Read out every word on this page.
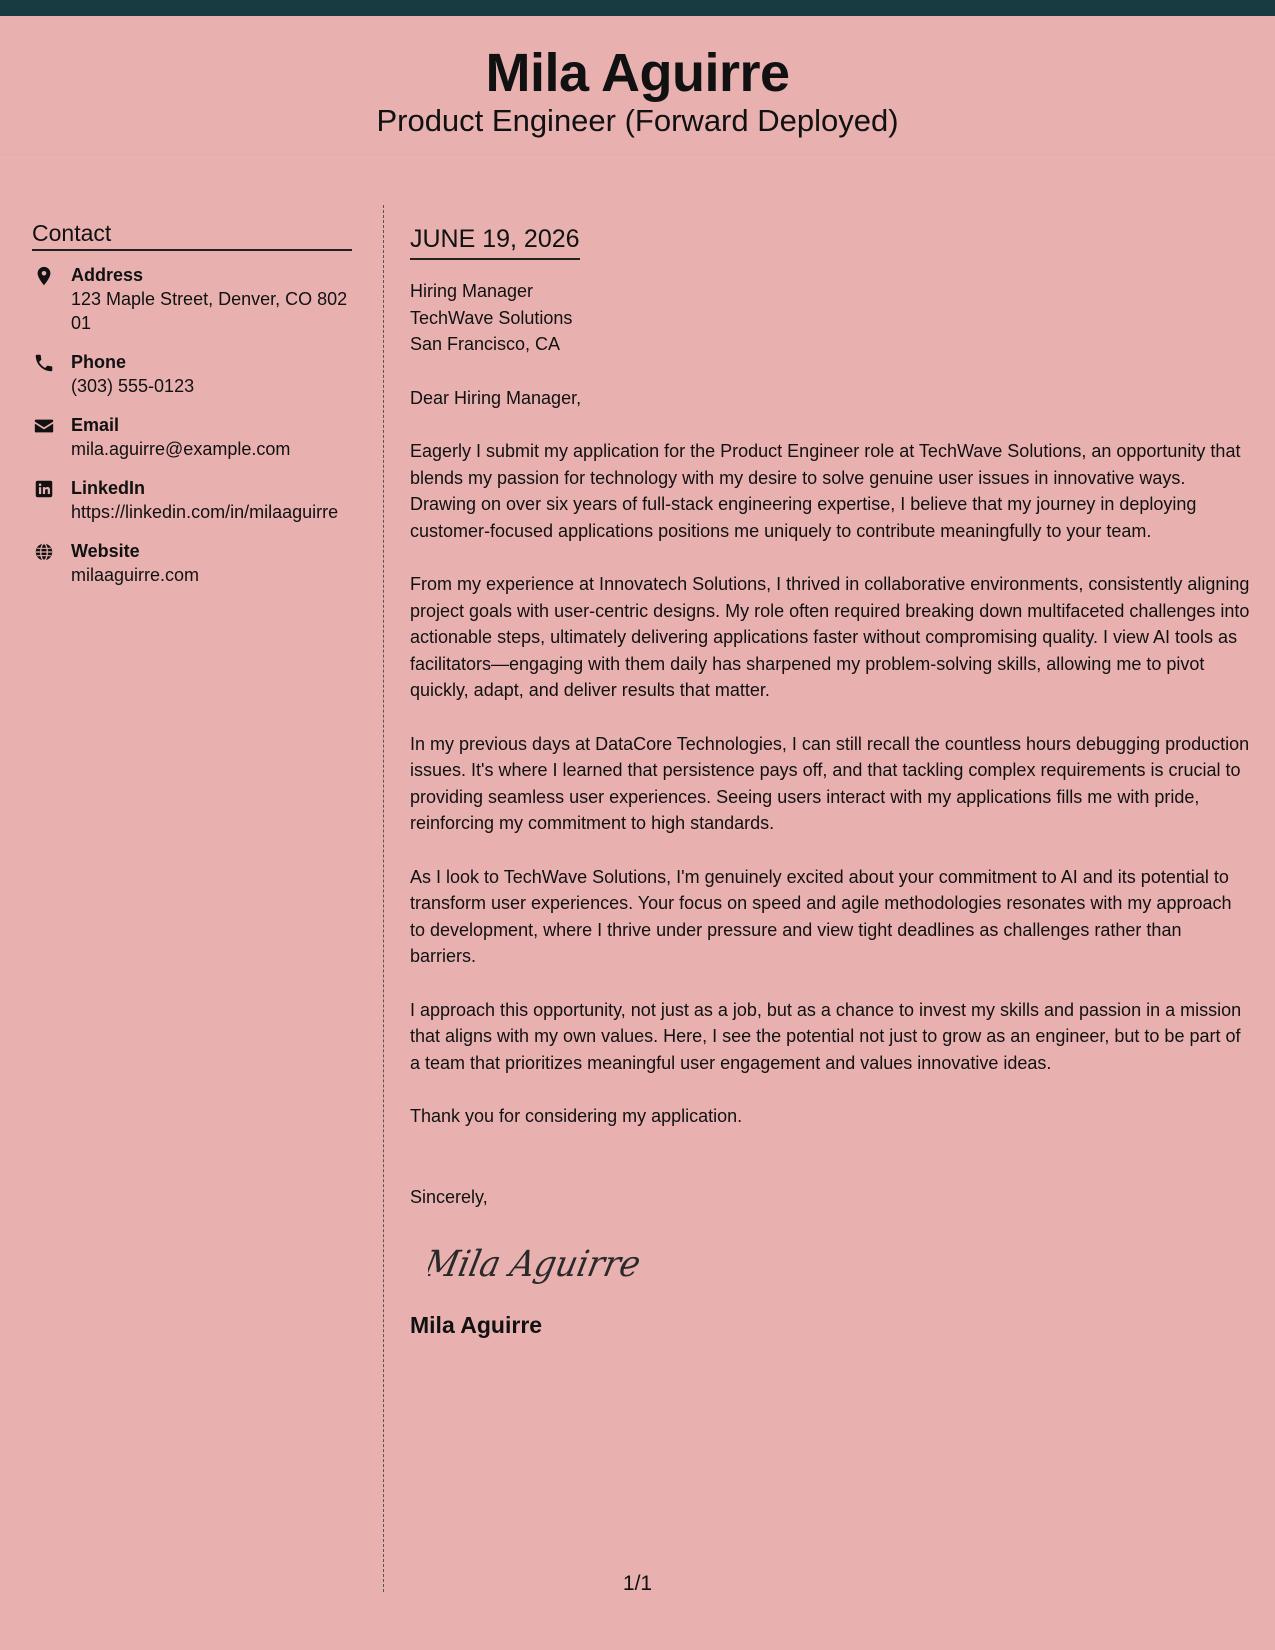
Mila Aguirre
Product Engineer (Forward Deployed)
Contact
Address
123 Maple Street, Denver, CO 80201
Phone
(303) 555-0123
Email
mila.aguirre@example.com
LinkedIn
https://linkedin.com/in/milaaguirre
Website
milaaguirre.com
JUNE 19, 2026
Hiring Manager
TechWave Solutions
San Francisco, CA
Dear Hiring Manager,
Eagerly I submit my application for the Product Engineer role at TechWave Solutions, an opportunity that blends my passion for technology with my desire to solve genuine user issues in innovative ways. Drawing on over six years of full-stack engineering expertise, I believe that my journey in deploying customer-focused applications positions me uniquely to contribute meaningfully to your team.
From my experience at Innovatech Solutions, I thrived in collaborative environments, consistently aligning project goals with user-centric designs. My role often required breaking down multifaceted challenges into actionable steps, ultimately delivering applications faster without compromising quality. I view AI tools as facilitators—engaging with them daily has sharpened my problem-solving skills, allowing me to pivot quickly, adapt, and deliver results that matter.
In my previous days at DataCore Technologies, I can still recall the countless hours debugging production issues. It's where I learned that persistence pays off, and that tackling complex requirements is crucial to providing seamless user experiences. Seeing users interact with my applications fills me with pride, reinforcing my commitment to high standards.
As I look to TechWave Solutions, I'm genuinely excited about your commitment to AI and its potential to transform user experiences. Your focus on speed and agile methodologies resonates with my approach to development, where I thrive under pressure and view tight deadlines as challenges rather than barriers.
I approach this opportunity, not just as a job, but as a chance to invest my skills and passion in a mission that aligns with my own values. Here, I see the potential not just to grow as an engineer, but to be part of a team that prioritizes meaningful user engagement and values innovative ideas.
Thank you for considering my application.
Sincerely,
Mila Aguirre
Mila Aguirre
1/1
